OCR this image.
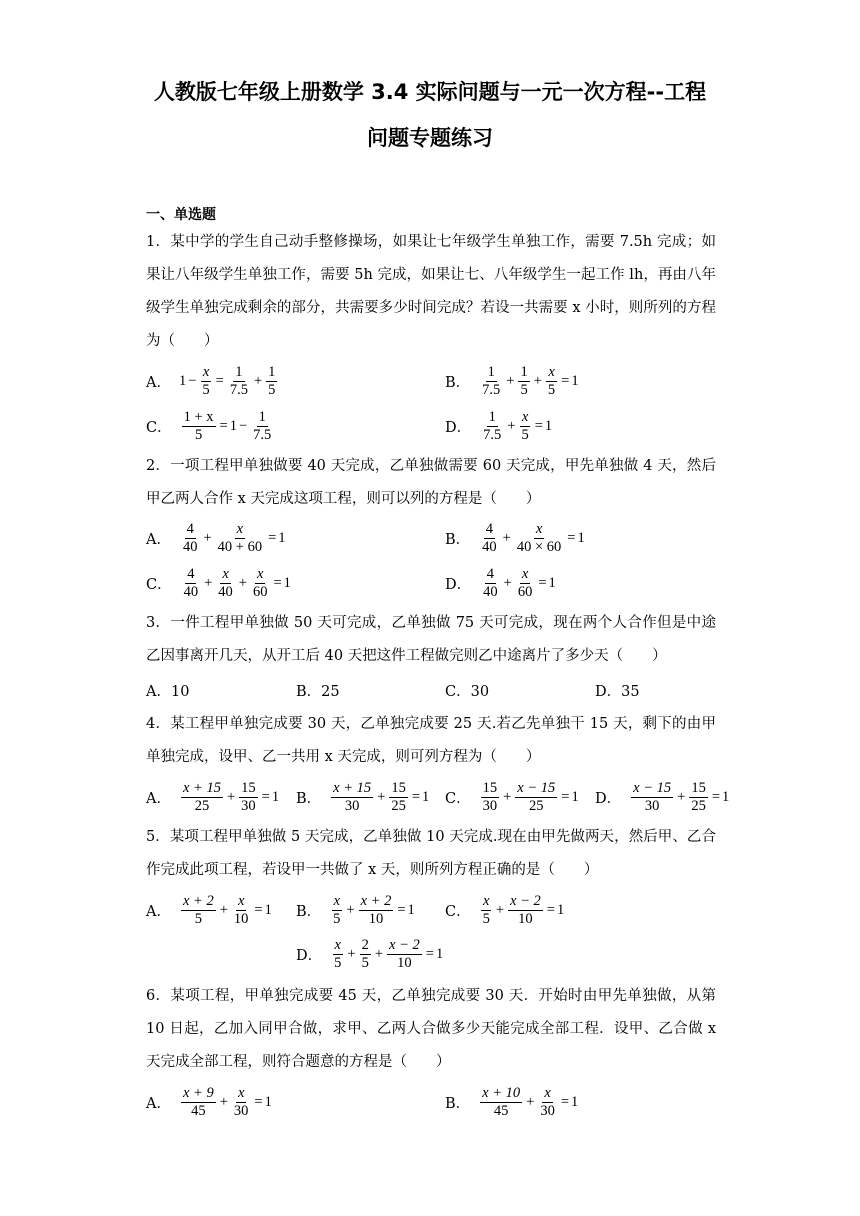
人教版七年级上册数学 3.4 实际问题与一元一次方程--工程
问题专题练习
一、单选题
1．某中学的学生自己动手整修操场，如果让七年级学生单独工作，需要 7.5h 完成；如果让八年级学生单独工作，需要 5h 完成，如果让七、八年级学生一起工作 lh，再由八年级学生单独完成剩余的部分，共需要多少时间完成？若设一共需要 x 小时，则所列的方程为（　　）
A． $1 - \frac{x}{5} = \frac{1}{7.5} + \frac{1}{5}$	B． $\frac{1}{7.5} + \frac{1}{5} + \frac{x}{5} = 1$
C． $\frac{1 + x}{5} = 1 - \frac{1}{7.5}$	D． $\frac{1}{7.5} + \frac{x}{5} = 1$
2．一项工程甲单独做要 40 天完成，乙单独做需要 60 天完成，甲先单独做 4 天，然后甲乙两人合作 x 天完成这项工程，则可以列的方程是（　　）
A． $\frac{4}{40} + \frac{x}{40 + 60} = 1$	B． $\frac{4}{40} + \frac{x}{40 \times 60} = 1$
C． $\frac{4}{40} + \frac{x}{40} + \frac{x}{60} = 1$	D． $\frac{4}{40} + \frac{x}{60} = 1$
3．一件工程甲单独做 50 天可完成，乙单独做 75 天可完成，现在两个人合作但是中途乙因事离开几天，从开工后 40 天把这件工程做完则乙中途离片了多少天（　　）
A．10	B．25	C．30	D．35
4．某工程甲单独完成要 30 天，乙单独完成要 25 天.若乙先单独干 15 天，剩下的由甲单独完成，设甲、乙一共用 x 天完成，则可列方程为（　　）
A． $\frac{x + 15}{25} + \frac{15}{30} = 1$ B． $\frac{x + 15}{30} + \frac{15}{25} = 1$ C． $\frac{15}{30} + \frac{x - 15}{25} = 1$ D． $\frac{x - 15}{30} + \frac{15}{25} = 1$
5．某项工程甲单独做 5 天完成，乙单独做 10 天完成.现在由甲先做两天，然后甲、乙合作完成此项工程，若设甲一共做了 x 天，则所列方程正确的是（　　）
A． $\frac{x + 2}{5} + \frac{x}{10} = 1$ B． $\frac{x}{5} + \frac{x + 2}{10} = 1$ C． $\frac{x}{5} + \frac{x - 2}{10} = 1$
D． $\frac{x}{5} + \frac{2}{5} + \frac{x - 2}{10} = 1$
6．某项工程，甲单独完成要 45 天，乙单独完成要 30 天．开始时由甲先单独做，从第 10 日起，乙加入同甲合做，求甲、乙两人合做多少天能完成全部工程．设甲、乙合做 x 天完成全部工程，则符合题意的方程是（　　）
A． $\frac{x + 9}{45} + \frac{x}{30} = 1$	B． $\frac{x + 10}{45} + \frac{x}{30} = 1$
